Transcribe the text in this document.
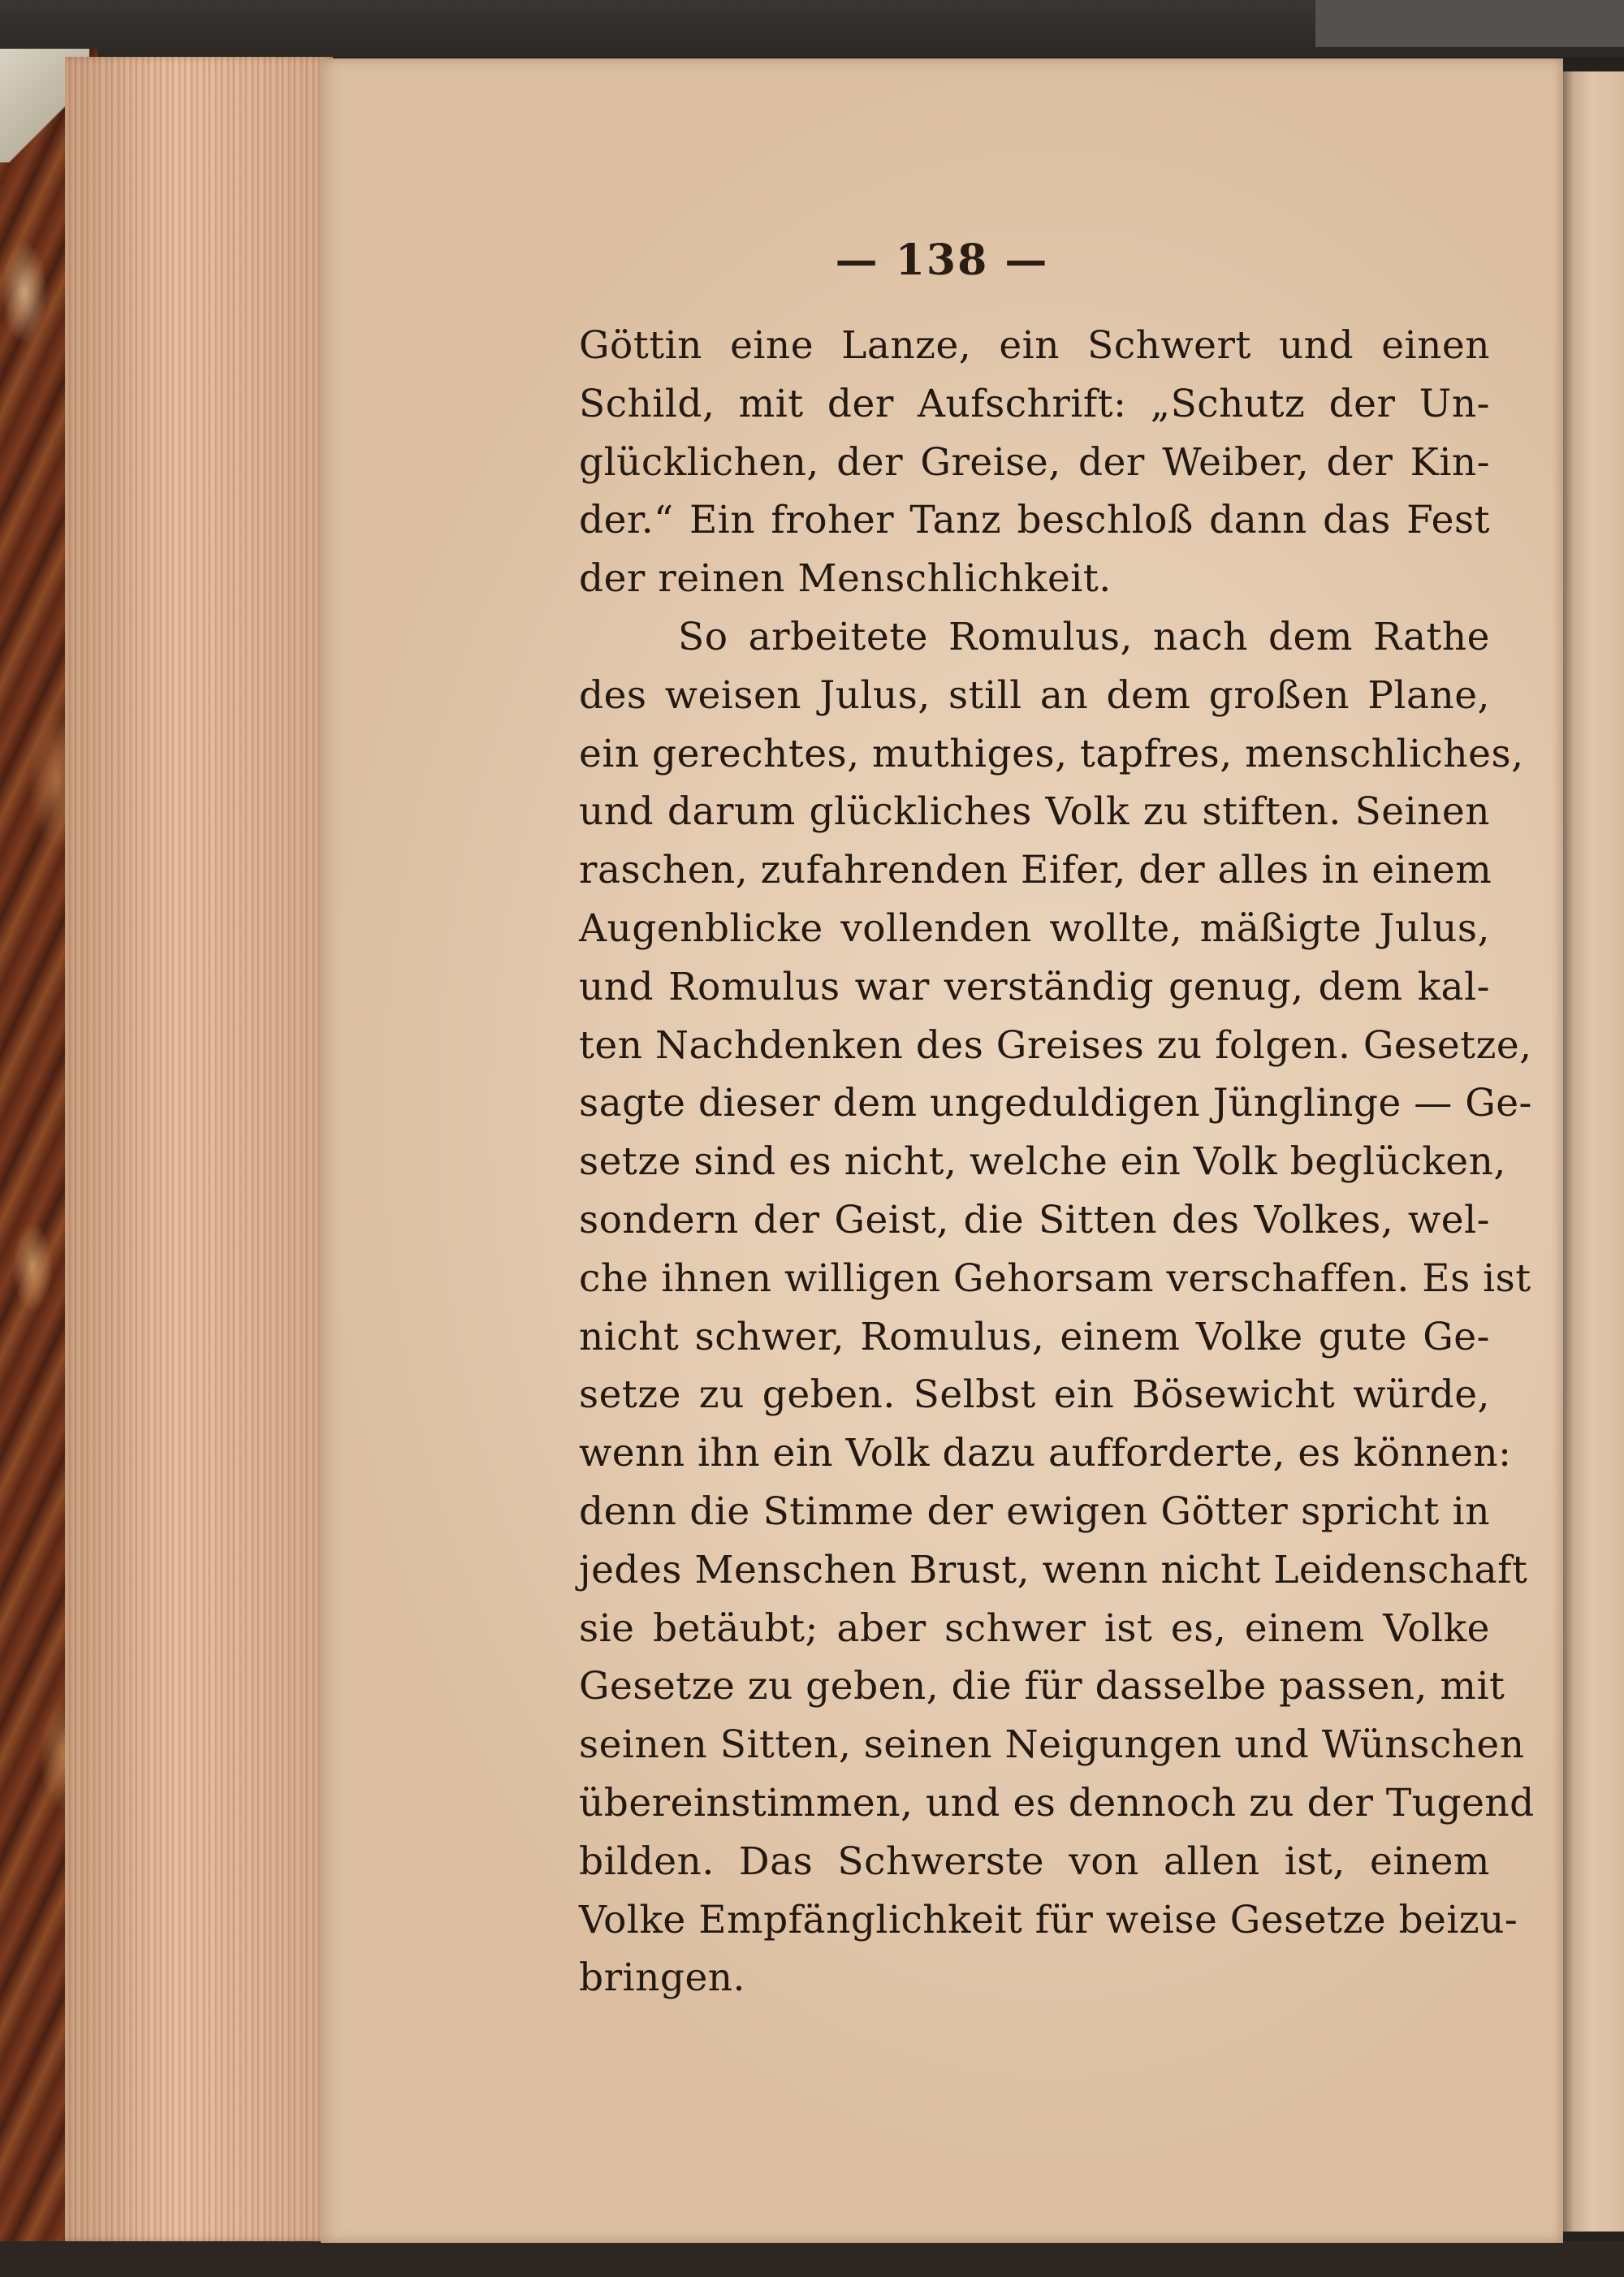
— 138 —
Göttin eine Lanze, ein Schwert und einen
Schild, mit der Aufschrift: „Schutz der Un-
glücklichen, der Greise, der Weiber, der Kin-
der.“ Ein froher Tanz beschloß dann das Fest
der reinen Menschlichkeit.
So arbeitete Romulus, nach dem Rathe
des weisen Julus, still an dem großen Plane,
ein gerechtes, muthiges, tapfres, menschliches,
und darum glückliches Volk zu stiften. Seinen
raschen, zufahrenden Eifer, der alles in einem
Augenblicke vollenden wollte, mäßigte Julus,
und Romulus war verständig genug, dem kal-
ten Nachdenken des Greises zu folgen. Gesetze,
sagte dieser dem ungeduldigen Jünglinge — Ge-
setze sind es nicht, welche ein Volk beglücken,
sondern der Geist, die Sitten des Volkes, wel-
che ihnen willigen Gehorsam verschaffen. Es ist
nicht schwer, Romulus, einem Volke gute Ge-
setze zu geben. Selbst ein Bösewicht würde,
wenn ihn ein Volk dazu aufforderte, es können:
denn die Stimme der ewigen Götter spricht in
jedes Menschen Brust, wenn nicht Leidenschaft
sie betäubt; aber schwer ist es, einem Volke
Gesetze zu geben, die für dasselbe passen, mit
seinen Sitten, seinen Neigungen und Wünschen
übereinstimmen, und es dennoch zu der Tugend
bilden. Das Schwerste von allen ist, einem
Volke Empfänglichkeit für weise Gesetze beizu-
bringen.
